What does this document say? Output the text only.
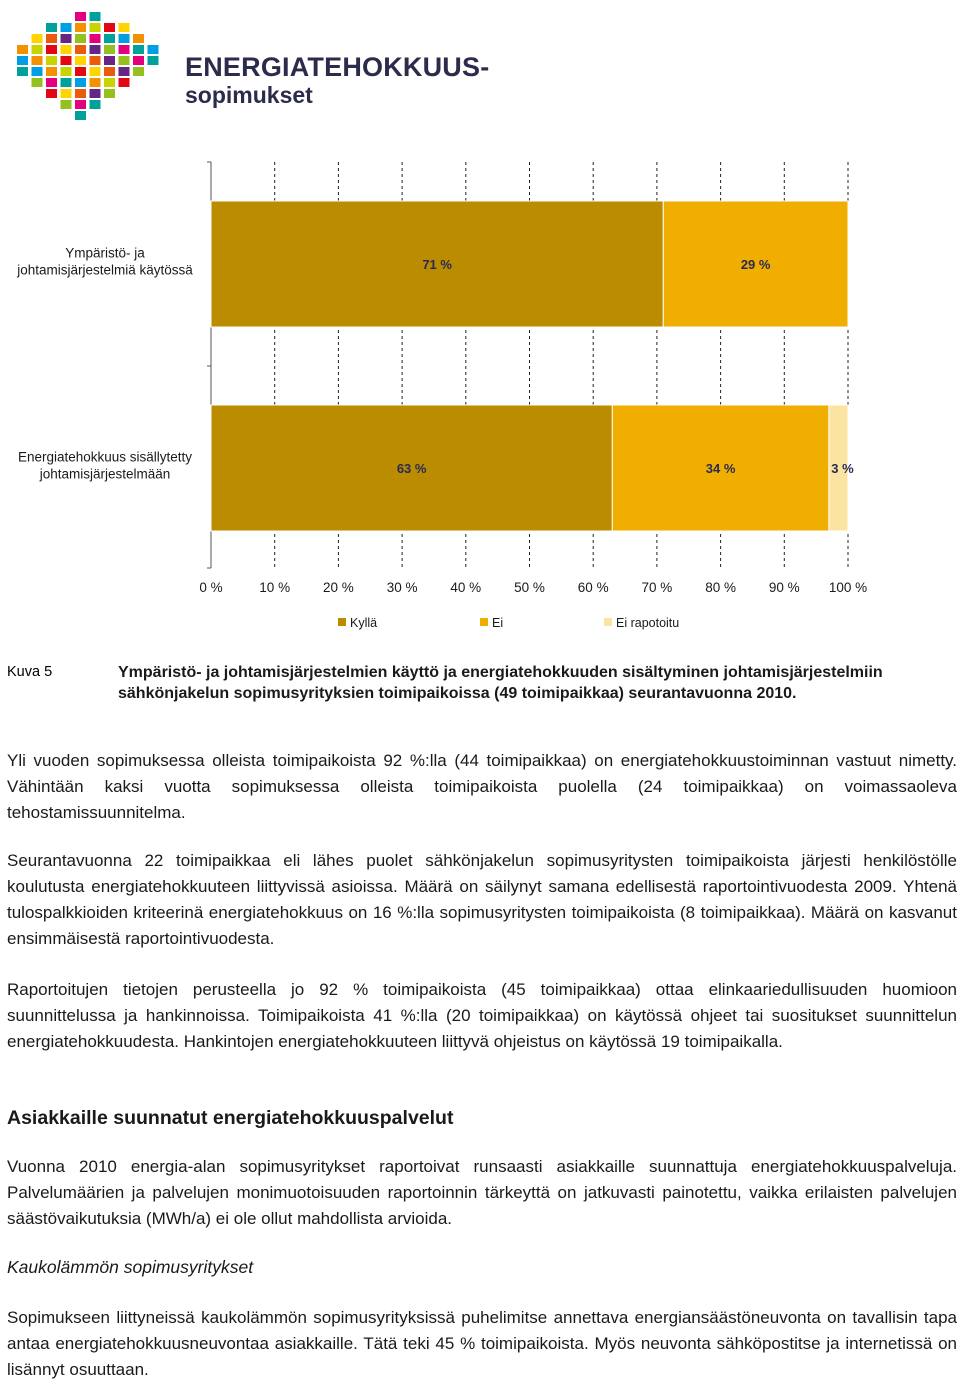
ENERGIATEHOKKUUS-
sopimukset
71 %	29 %
Ympäristö- ja
johtamisjärjestelmiä käytössä
63 %	34 %	3 %
Energiatehokkuus sisällytetty
johtamisjärjestelmään
0 %	10 % 20 % 30 % 40 % 50 % 60 % 70 % 80 % 90 % 100 %
Kyllä	Ei	Ei rapotoitu
Kuva 5	Ympäristö- ja johtamisjärjestelmien käyttö ja energiatehokkuuden sisältyminen johtamisjärjestelmiin sähkönjakelun sopimusyrityksien toimipaikoissa (49 toimipaikkaa) seurantavuonna 2010.
Yli vuoden sopimuksessa olleista toimipaikoista 92 %:lla (44 toimipaikkaa) on energiatehokkuustoiminnan vastuut nimetty. Vähintään kaksi vuotta sopimuksessa olleista toimipaikoista puolella (24 toimipaikkaa) on voimassaoleva tehostamissuunnitelma.
Seurantavuonna 22 toimipaikkaa eli lähes puolet sähkönjakelun sopimusyritysten toimipaikoista järjesti henkilöstölle koulutusta energiatehokkuuteen liittyvissä asioissa. Määrä on säilynyt samana edellisestä raportointivuodesta 2009. Yhtenä tulospalkkioiden kriteerinä energiatehokkuus on 16 %:lla sopimusyritysten toimipaikoista (8 toimipaikkaa). Määrä on kasvanut ensimmäisestä raportointivuodesta.
Raportoitujen tietojen perusteella jo 92 % toimipaikoista (45 toimipaikkaa) ottaa elinkaariedullisuuden huomioon suunnittelussa ja hankinnoissa. Toimipaikoista 41 %:lla (20 toimipaikkaa) on käytössä ohjeet tai suositukset suunnittelun energiatehokkuudesta. Hankintojen energiatehokkuuteen liittyvä ohjeistus on käytössä 19 toimipaikalla.
Asiakkaille suunnatut energiatehokkuuspalvelut
Vuonna 2010 energia-alan sopimusyritykset raportoivat runsaasti asiakkaille suunnattuja energiatehokkuuspalveluja. Palvelumäärien ja palvelujen monimuotoisuuden raportoinnin tärkeyttä on jatkuvasti painotettu, vaikka erilaisten palvelujen säästövaikutuksia (MWh/a) ei ole ollut mahdollista arvioida.
Kaukolämmön sopimusyritykset
Sopimukseen liittyneissä kaukolämmön sopimusyrityksissä puhelimitse annettava energiansäästöneuvonta on tavallisin tapa antaa energiatehokkuusneuvontaa asiakkaille. Tätä teki 45 % toimipaikoista. Myös neuvonta sähköpostitse ja internetissä on lisännyt osuuttaan.
